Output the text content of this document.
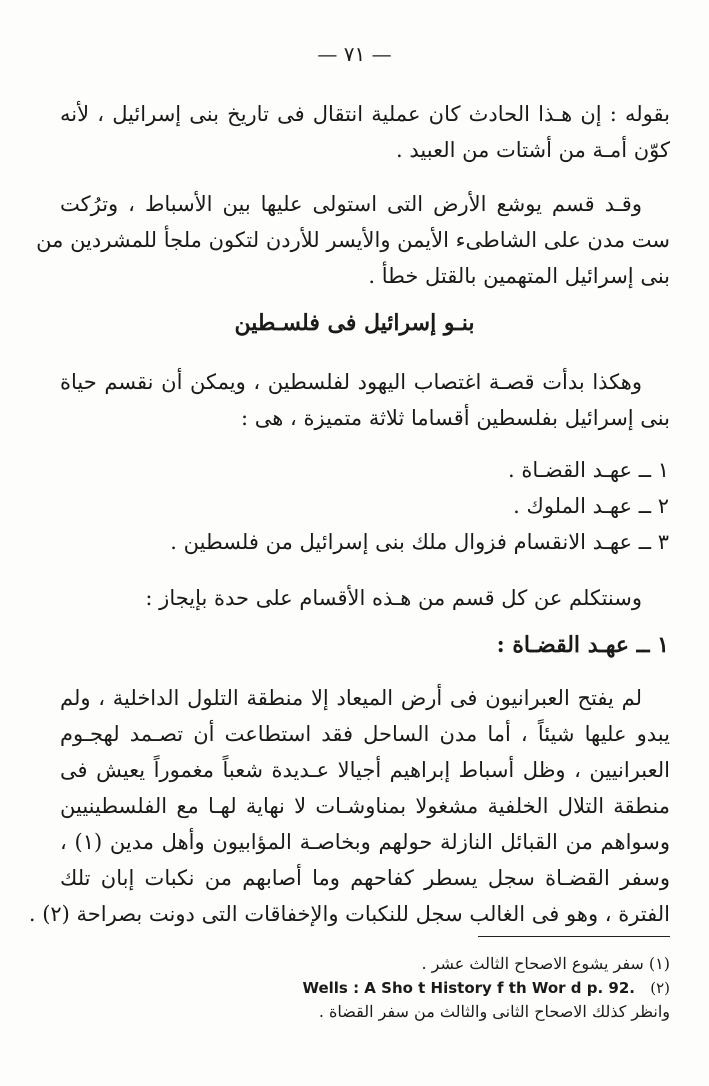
— ٧١ —
بقوله : إن هـذا الحادث كان عملية انتقال فى تاريخ بنى إسرائيل ، لأنه
كوّن أمـة من أشتات من العبيد .
وقـد قسم يوشع الأرض التى استولى عليها بين الأسباط ، وترُكت
ست مدن على الشاطىء الأيمن والأيسر للأردن لتكون ملجأ للمشردين من
بنى إسرائيل المتهمين بالقتل خطأ .
بنـو إسرائيل فى فلسـطين
وهكذا بدأت قصـة اغتصاب اليهود لفلسطين ، ويمكن أن نقسم حياة
بنى إسرائيل بفلسطين أقساما ثلاثة متميزة ، هى :
١ ــ عهـد القضـاة .
٢ ــ عهـد الملوك .
٣ ــ عهـد الانقسام فزوال ملك بنى إسرائيل من فلسطين .
وسنتكلم عن كل قسم من هـذه الأقسام على حدة بإيجاز :
١ ــ عهـد القضـاة :
لم يفتح العبرانيون فى أرض الميعاد إلا منطقة التلول الداخلية ، ولم
يبدو عليها شيئاً ، أما مدن الساحل فقد استطاعت أن تصـمد لهجـوم
العبرانيين ، وظل أسباط إبراهيم أجيالا عـديدة شعباً مغموراً يعيش فى
منطقة التلال الخلفية مشغولا بمناوشـات لا نهاية لهـا مع الفلسطينيين
وسواهم من القبائل النازلة حولهم وبخاصـة المؤابيون وأهل مدين (١) ،
وسفر القضـاة سجل يسطر كفاحهم وما أصابهم من نكبات إبان تلك
الفترة ، وهو فى الغالب سجل للنكبات والإخفاقات التى دونت بصراحة (٢) .
(١) سفر يشوع الاصحاح الثالث عشر .
Wells : A Sho t History f th Wor d p. 92. (٢)
وانظر كذلك الاصحاح الثانى والثالث من سفر القضاة .
